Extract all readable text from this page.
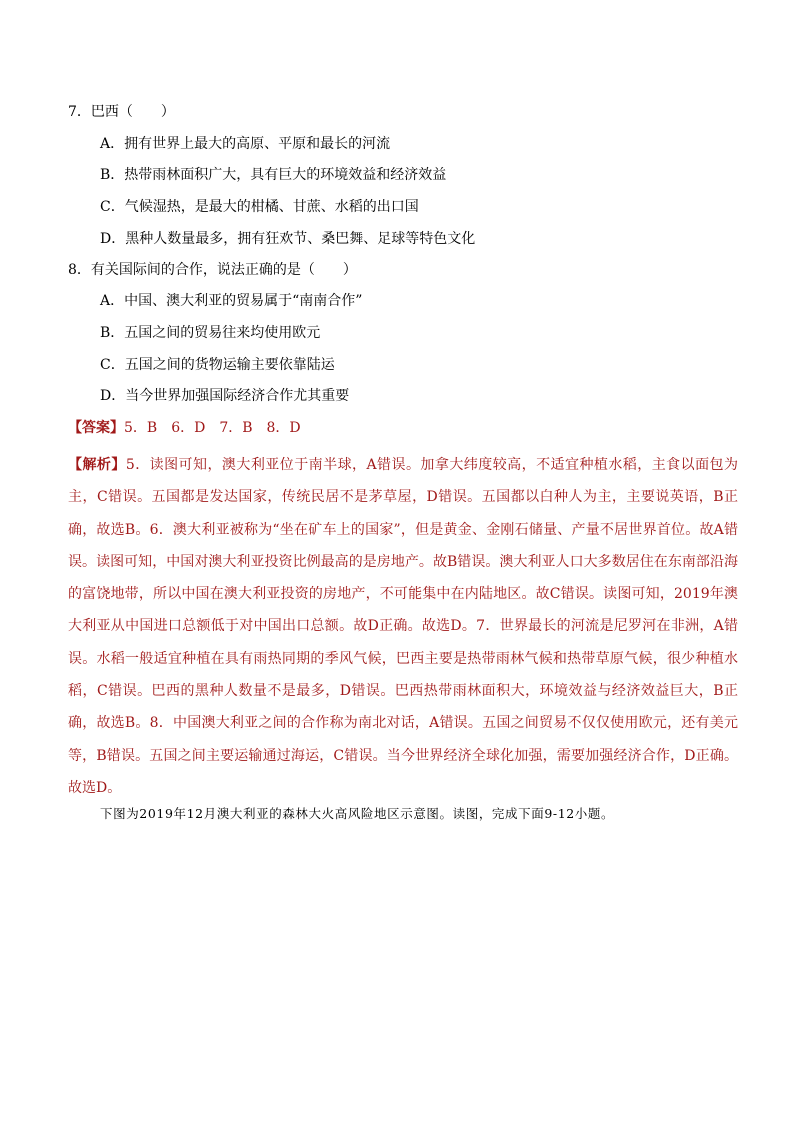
7．巴西（　　）
A．拥有世界上最大的高原、平原和最长的河流
B．热带雨林面积广大，具有巨大的环境效益和经济效益
C．气候湿热，是最大的柑橘、甘蔗、水稻的出口国
D．黑种人数量最多，拥有狂欢节、桑巴舞、足球等特色文化
8．有关国际间的合作，说法正确的是（　　）
A．中国、澳大利亚的贸易属于“南南合作”
B．五国之间的贸易往来均使用欧元
C．五国之间的货物运输主要依靠陆运
D．当今世界加强国际经济合作尤其重要
【答案】5．B　6．D　7．B　8．D
【解析】5．读图可知，澳大利亚位于南半球，A错误。加拿大纬度较高，不适宜种植水稻，主食以面包为主，C错误。五国都是发达国家，传统民居不是茅草屋，D错误。五国都以白种人为主，主要说英语，B正确，故选B。6．澳大利亚被称为“坐在矿车上的国家”，但是黄金、金刚石储量、产量不居世界首位。故A错误。读图可知，中国对澳大利亚投资比例最高的是房地产。故B错误。澳大利亚人口大多数居住在东南部沿海的富饶地带，所以中国在澳大利亚投资的房地产，不可能集中在内陆地区。故C错误。读图可知，2019年澳大利亚从中国进口总额低于对中国出口总额。故D正确。故选D。7．世界最长的河流是尼罗河在非洲，A错误。水稻一般适宜种植在具有雨热同期的季风气候，巴西主要是热带雨林气候和热带草原气候，很少种植水稻，C错误。巴西的黑种人数量不是最多，D错误。巴西热带雨林面积大，环境效益与经济效益巨大，B正确，故选B。8．中国澳大利亚之间的合作称为南北对话，A错误。五国之间贸易不仅仅使用欧元，还有美元等，B错误。五国之间主要运输通过海运，C错误。当今世界经济全球化加强，需要加强经济合作，D正确。故选D。
下图为2019年12月澳大利亚的森林大火高风险地区示意图。读图，完成下面9-12小题。
